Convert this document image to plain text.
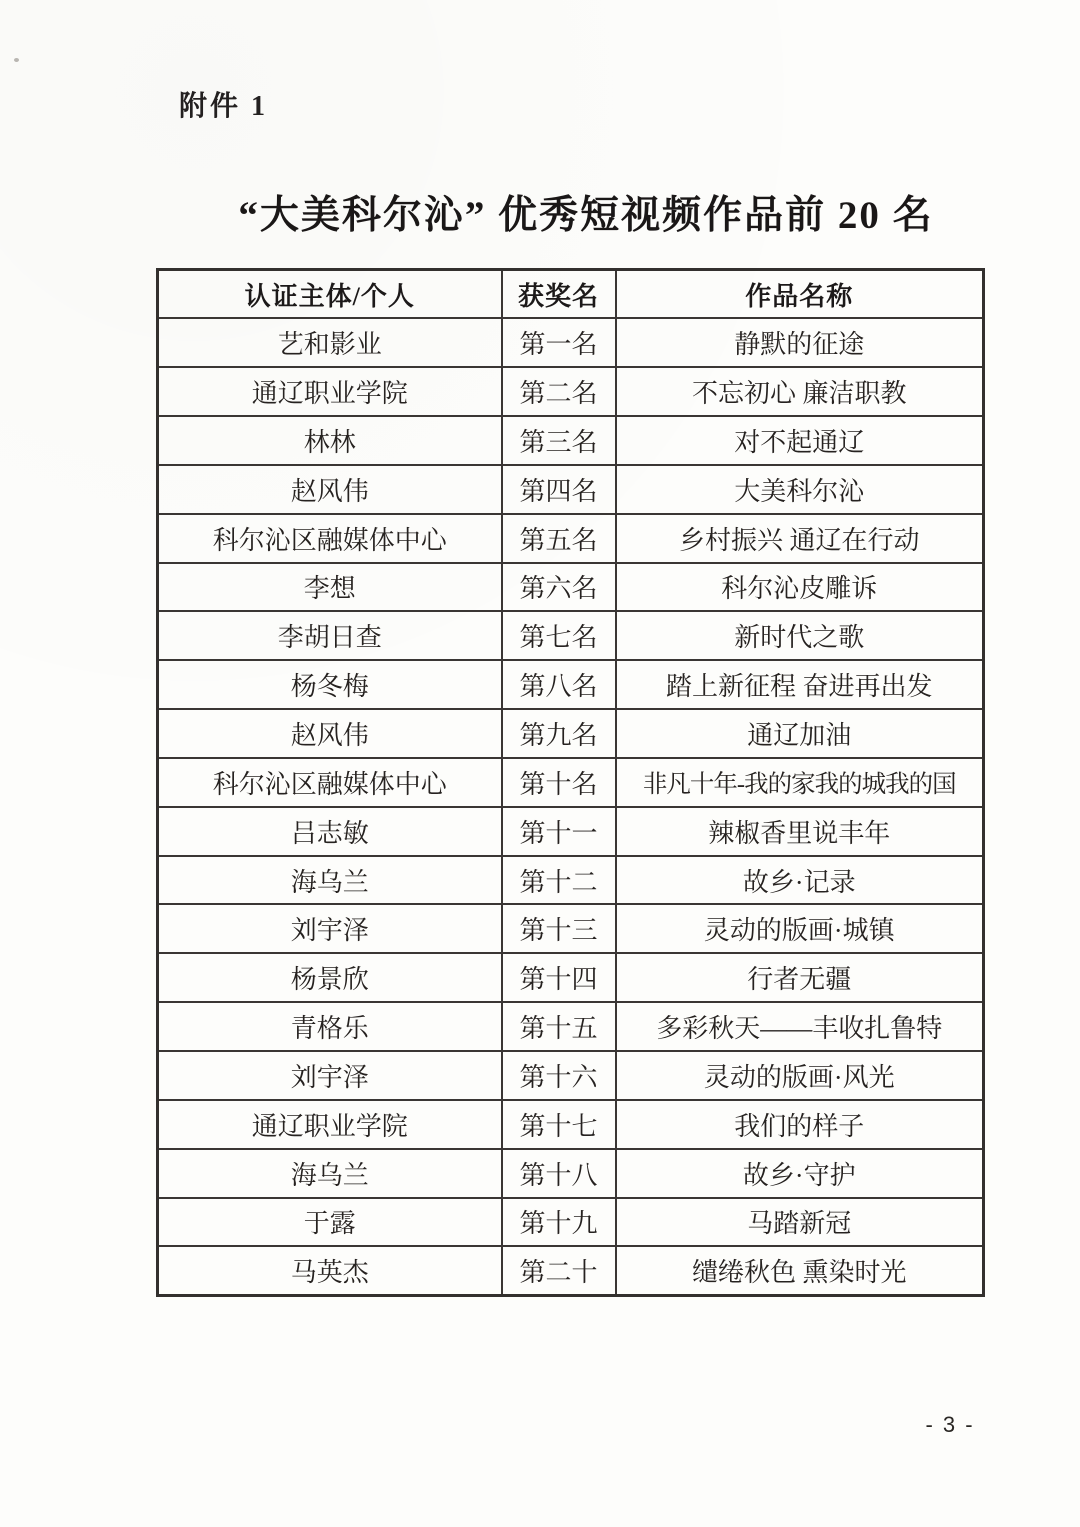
附件 1
“大美科尔沁” 优秀短视频作品前 20 名
认证主体/个人	获奖名	作品名称
艺和影业	第一名	静默的征途
通辽职业学院	第二名	不忘初心 廉洁职教
林林	第三名	对不起通辽
赵风伟	第四名	大美科尔沁
科尔沁区融媒体中心	第五名	乡村振兴 通辽在行动
李想	第六名	科尔沁皮雕诉
李胡日查	第七名	新时代之歌
杨冬梅	第八名	踏上新征程 奋进再出发
赵风伟	第九名	通辽加油
科尔沁区融媒体中心	第十名	非凡十年-我的家我的城我的国
吕志敏	第十一	辣椒香里说丰年
海乌兰	第十二	故乡·记录
刘宇泽	第十三	灵动的版画·城镇
杨景欣	第十四	行者无疆
青格乐	第十五	多彩秋天——丰收扎鲁特
刘宇泽	第十六	灵动的版画·风光
通辽职业学院	第十七	我们的样子
海乌兰	第十八	故乡·守护
于露	第十九	马踏新冠
马英杰	第二十	缱绻秋色 熏染时光
- 3 -
